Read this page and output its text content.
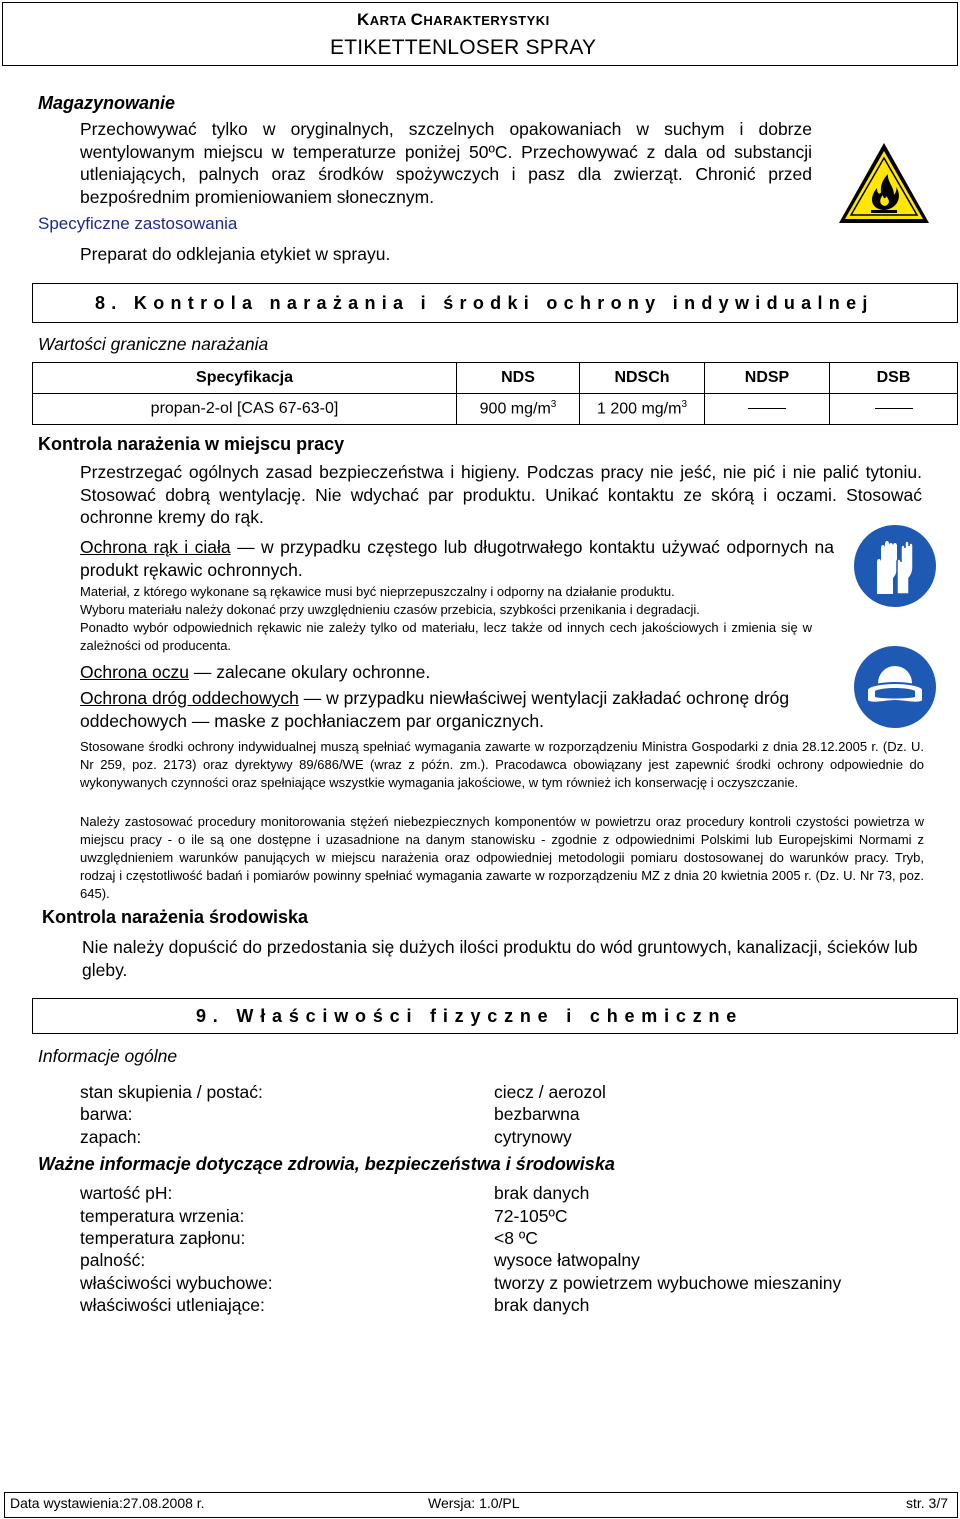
KARTA CHARAKTERYSTYKI
ETIKETTENLOSER SPRAY
Magazynowanie
Przechowywać tylko w oryginalnych, szczelnych opakowaniach w suchym i dobrze wentylowanym miejscu w temperaturze poniżej 50ºC. Przechowywać z dala od substancji utleniających, palnych oraz środków spożywczych i pasz dla zwierząt. Chronić przed bezpośrednim promieniowaniem słonecznym.
Specyficzne zastosowania
Preparat do odklejania etykiet w sprayu.
8. Kontrola narażania i środki ochrony indywidualnej
Wartości graniczne narażania
Specyfikacja	NDS	NDSCh	NDSP	DSB
propan-2-ol [CAS 67-63-0]	900 $mg/m^3$	1 200 $mg/m^3$		
Kontrola narażenia w miejscu pracy
Przestrzegać ogólnych zasad bezpieczeństwa i higieny. Podczas pracy nie jeść, nie pić i nie palić tytoniu. Stosować dobrą wentylację. Nie wdychać par produktu. Unikać kontaktu ze skórą i oczami. Stosować ochronne kremy do rąk.
Ochrona rąk i ciała — w przypadku częstego lub długotrwałego kontaktu używać odpornych na produkt rękawic ochronnych.
Materiał, z którego wykonane są rękawice musi być nieprzepuszczalny i odporny na działanie produktu.
Wyboru materiału należy dokonać przy uwzględnieniu czasów przebicia, szybkości przenikania i degradacji.
Ponadto wybór odpowiednich rękawic nie zależy tylko od materiału, lecz także od innych cech jakościowych i zmienia się w zależności od producenta.
Ochrona oczu — zalecane okulary ochronne.
Ochrona dróg oddechowych — w przypadku niewłaściwej wentylacji zakładać ochronę dróg oddechowych — maske z pochłaniaczem par organicznych.
Stosowane środki ochrony indywidualnej muszą spełniać wymagania zawarte w rozporządzeniu Ministra Gospodarki z dnia 28.12.2005 r. (Dz. U. Nr 259, poz. 2173) oraz dyrektywy 89/686/WE (wraz z późn. zm.). Pracodawca obowiązany jest zapewnić środki ochrony odpowiednie do wykonywanych czynności oraz spełniające wszystkie wymagania jakościowe, w tym również ich konserwację i oczyszczanie.
Należy zastosować procedury monitorowania stężeń niebezpiecznych komponentów w powietrzu oraz procedury kontroli czystości powietrza w miejscu pracy - o ile są one dostępne i uzasadnione na danym stanowisku - zgodnie z odpowiednimi Polskimi lub Europejskimi Normami z uwzględnieniem warunków panujących w miejscu narażenia oraz odpowiedniej metodologii pomiaru dostosowanej do warunków pracy. Tryb, rodzaj i częstotliwość badań i pomiarów powinny spełniać wymagania zawarte w rozporządzeniu MZ z dnia 20 kwietnia 2005 r. (Dz. U. Nr 73, poz. 645).
Kontrola narażenia środowiska
Nie należy dopuścić do przedostania się dużych ilości produktu do wód gruntowych, kanalizacji, ścieków lub gleby.
9. Właściwości fizyczne i chemiczne
Informacje ogólne
stan skupienia / postać:	ciecz / aerozol
barwa:	bezbarwna
zapach:	cytrynowy
Ważne informacje dotyczące zdrowia, bezpieczeństwa i środowiska
wartość pH:	brak danych
temperatura wrzenia:	72-105ºC
temperatura zapłonu:	<8 ºC
palność:	wysoce łatwopalny
właściwości wybuchowe:	tworzy z powietrzem wybuchowe mieszaniny
właściwości utleniające:	brak danych
Data wystawienia:27.08.2008 r.	Wersja: 1.0/PL	str. 3/7
